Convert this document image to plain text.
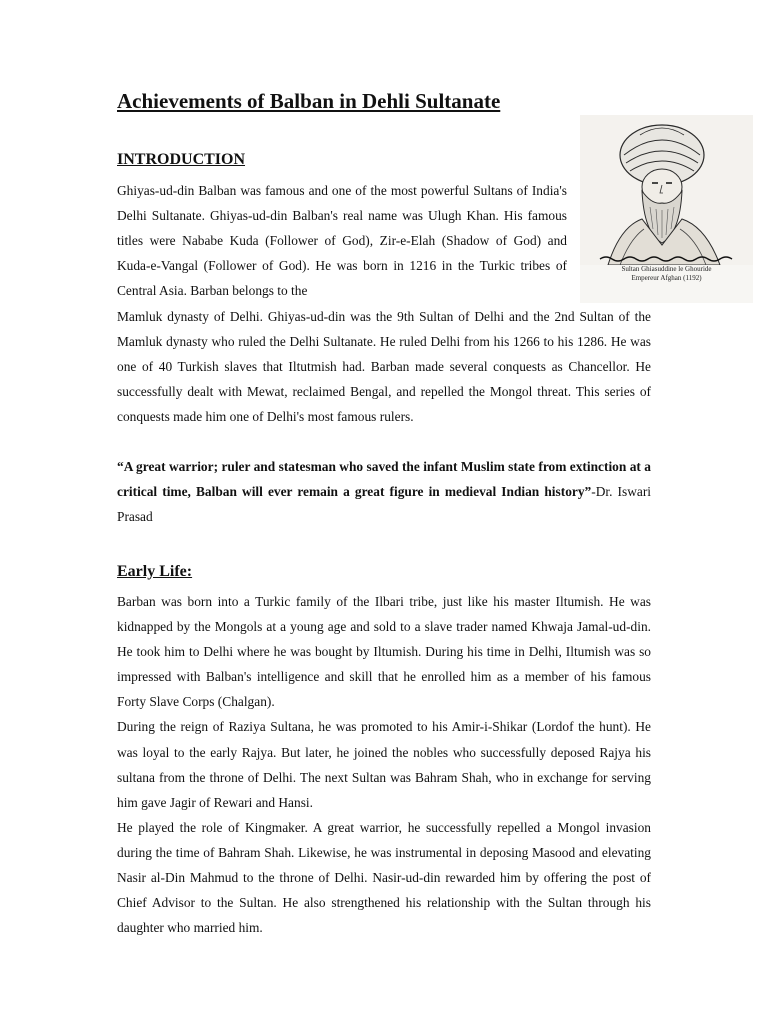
Achievements of Balban in Dehli Sultanate
INTRODUCTION
Sultan Ghiasuddine le Ghouride
Empereur Afghan (1192)

Ghiyas-ud-din Balban was famous and one of the most powerful Sultans of India's Delhi Sultanate. Ghiyas-ud-din Balban's real name was Ulugh Khan. His famous titles were Nababe Kuda (Follower of God), Zir-e-Elah (Shadow of God) and Kuda-e-Vangal (Follower of God). He was born in 1216 in the Turkic tribes of Central Asia. Barban belongs to the

Mamluk dynasty of Delhi. Ghiyas-ud-din was the 9th Sultan of Delhi and the 2nd Sultan of the Mamluk dynasty who ruled the Delhi Sultanate. He ruled Delhi from his 1266 to his 1286. He was one of 40 Turkish slaves that Iltutmish had. Barban made several conquests as Chancellor. He successfully dealt with Mewat, reclaimed Bengal, and repelled the Mongol threat. This series of conquests made him one of Delhi's most famous rulers.

“A great warrior; ruler and statesman who saved the infant Muslim state from extinction at a critical time, Balban will ever remain a great figure in medieval Indian history”-Dr. Iswari Prasad

Early Life:

Barban was born into a Turkic family of the Ilbari tribe, just like his master Iltumish. He was kidnapped by the Mongols at a young age and sold to a slave trader named Khwaja Jamal-ud-din. He took him to Delhi where he was bought by Iltumish. During his time in Delhi, Iltumish was so impressed with Balban's intelligence and skill that he enrolled him as a member of his famous Forty Slave Corps (Chalgan).

During the reign of Raziya Sultana, he was promoted to his Amir-i-Shikar (Lordof the hunt). He was loyal to the early Rajya. But later, he joined the nobles who successfully deposed Rajya his sultana from the throne of Delhi. The next Sultan was Bahram Shah, who in exchange for serving him gave Jagir of Rewari and Hansi.

He played the role of Kingmaker. A great warrior, he successfully repelled a Mongol invasion during the time of Bahram Shah. Likewise, he was instrumental in deposing Masood and elevating Nasir al-Din Mahmud to the throne of Delhi. Nasir-ud-din rewarded him by offering the post of Chief Advisor to the Sultan. He also strengthened his relationship with the Sultan through his daughter who married him.
